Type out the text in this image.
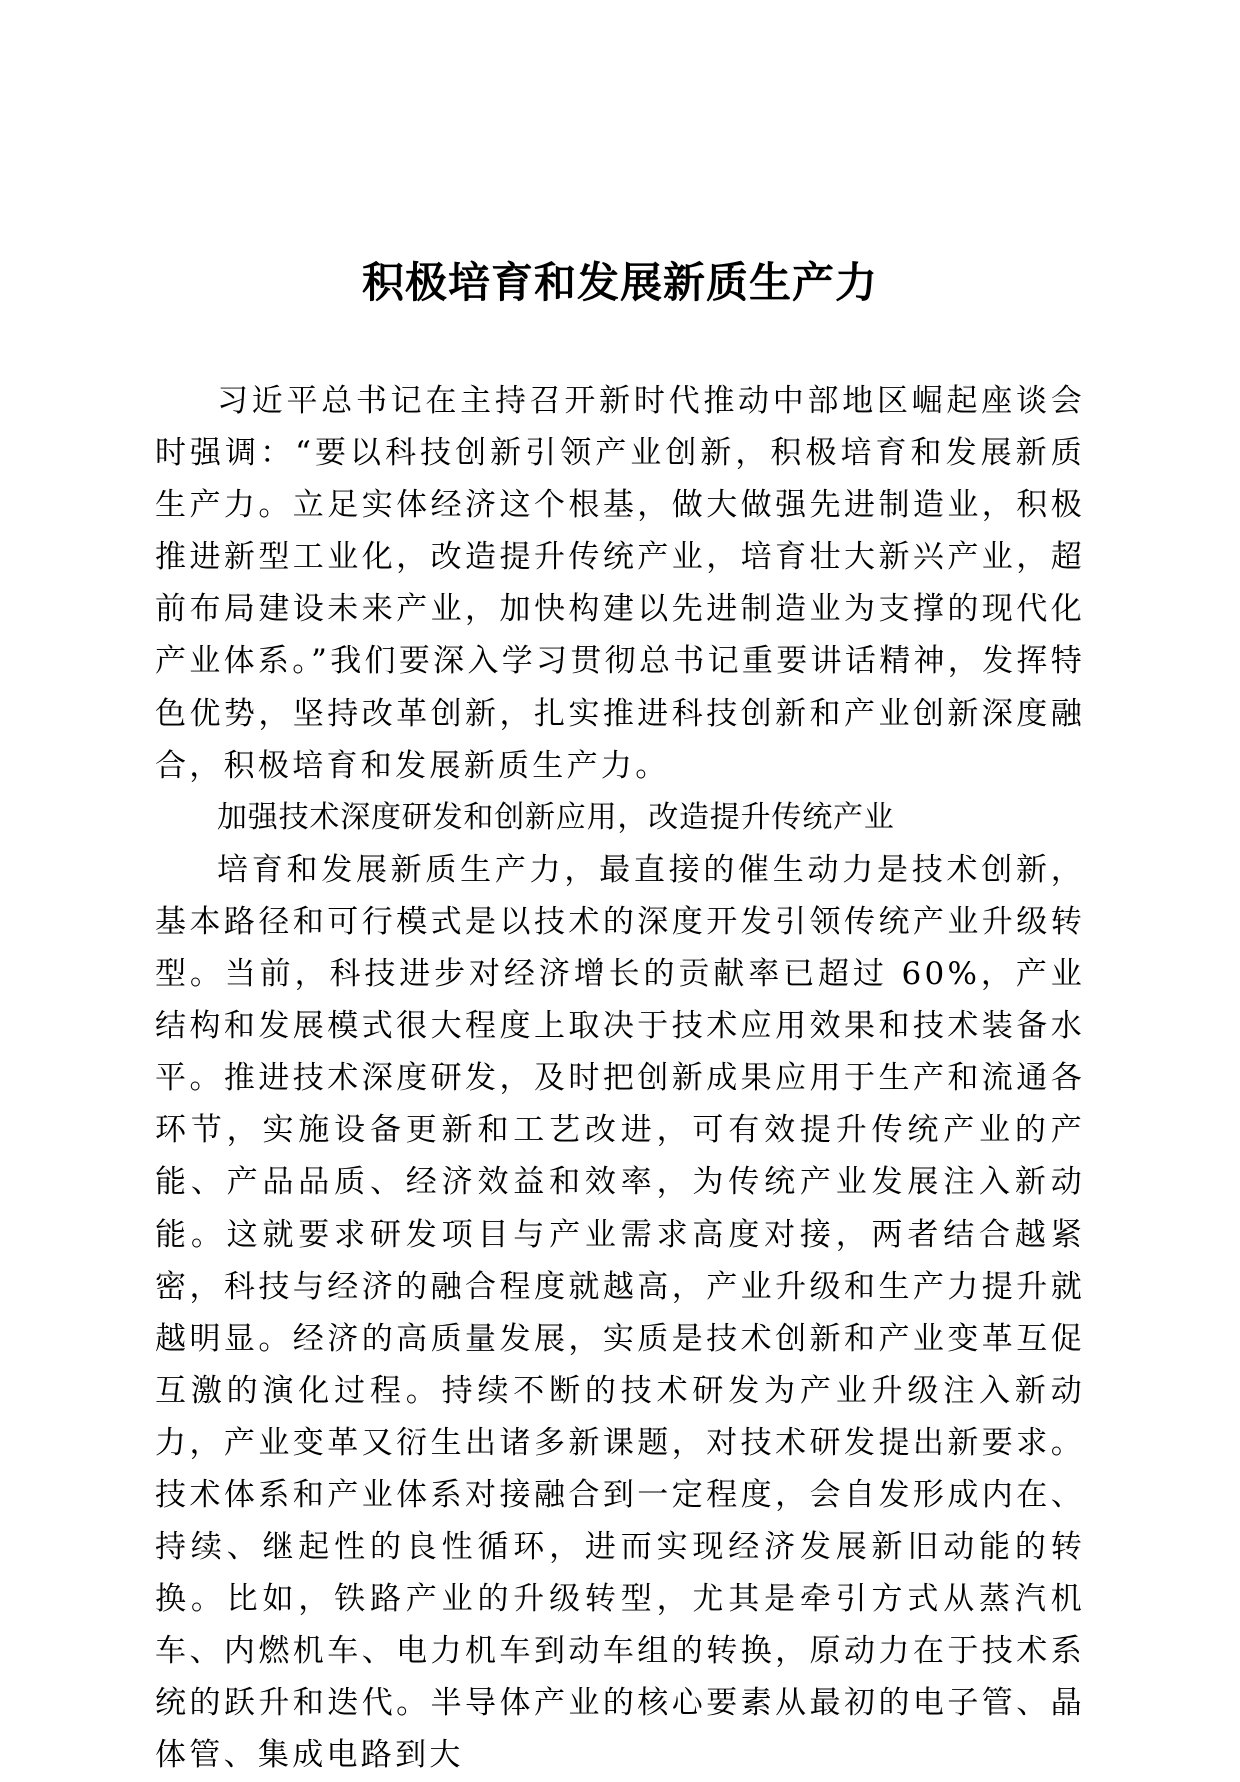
积极培育和发展新质生产力

习近平总书记在主持召开新时代推动中部地区崛起座谈会时强调：“要以科技创新引领产业创新，积极培育和发展新质生产力。立足实体经济这个根基，做大做强先进制造业，积极推进新型工业化，改造提升传统产业，培育壮大新兴产业，超前布局建设未来产业，加快构建以先进制造业为支撑的现代化产业体系。”我们要深入学习贯彻总书记重要讲话精神，发挥特色优势，坚持改革创新，扎实推进科技创新和产业创新深度融合，积极培育和发展新质生产力。

加强技术深度研发和创新应用，改造提升传统产业

培育和发展新质生产力，最直接的催生动力是技术创新，基本路径和可行模式是以技术的深度开发引领传统产业升级转型。当前，科技进步对经济增长的贡献率已超过 60%，产业结构和发展模式很大程度上取决于技术应用效果和技术装备水平。推进技术深度研发，及时把创新成果应用于生产和流通各环节，实施设备更新和工艺改进，可有效提升传统产业的产能、产品品质、经济效益和效率，为传统产业发展注入新动能。这就要求研发项目与产业需求高度对接，两者结合越紧密，科技与经济的融合程度就越高，产业升级和生产力提升就越明显。经济的高质量发展，实质是技术创新和产业变革互促互激的演化过程。持续不断的技术研发为产业升级注入新动力，产业变革又衍生出诸多新课题，对技术研发提出新要求。技术体系和产业体系对接融合到一定程度，会自发形成内在、持续、继起性的良性循环，进而实现经济发展新旧动能的转换。比如，铁路产业的升级转型，尤其是牵引方式从蒸汽机车、内燃机车、电力机车到动车组的转换，原动力在于技术系统的跃升和迭代。半导体产业的核心要素从最初的电子管、晶体管、集成电路到大
